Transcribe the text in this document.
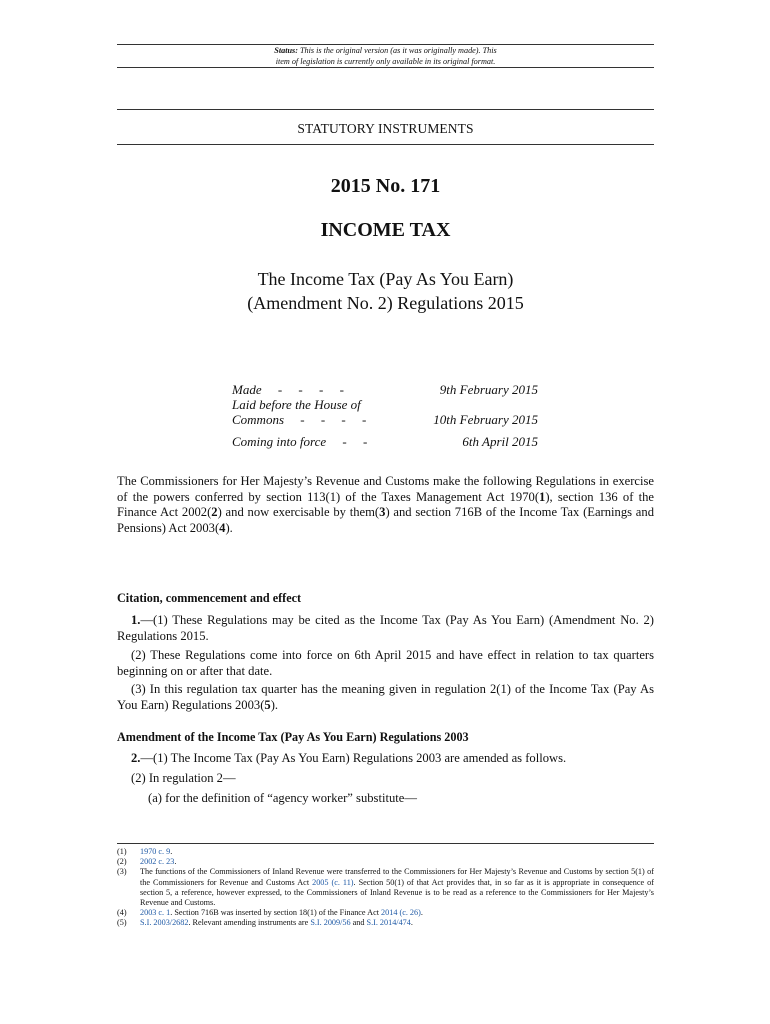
Status: This is the original version (as it was originally made). This
item of legislation is currently only available in its original format.
STATUTORY INSTRUMENTS
2015 No. 171
INCOME TAX
The Income Tax (Pay As You Earn)
(Amendment No. 2) Regulations 2015
Made     -     -     -     -	9th February 2015
Laid before the House of
Commons     -     -     -     -	10th February 2015
Coming into force     -     -	6th April 2015
The Commissioners for Her Majesty’s Revenue and Customs make the following Regulations in exercise of the powers conferred by section 113(1) of the Taxes Management Act 1970(1), section 136 of the Finance Act 2002(2) and now exercisable by them(3) and section 716B of the Income Tax (Earnings and Pensions) Act 2003(4).
Citation, commencement and effect
1.—(1) These Regulations may be cited as the Income Tax (Pay As You Earn) (Amendment No. 2) Regulations 2015.
(2) These Regulations come into force on 6th April 2015 and have effect in relation to tax quarters beginning on or after that date.
(3) In this regulation tax quarter has the meaning given in regulation 2(1) of the Income Tax (Pay As You Earn) Regulations 2003(5).
Amendment of the Income Tax (Pay As You Earn) Regulations 2003
2.—(1) The Income Tax (Pay As You Earn) Regulations 2003 are amended as follows.
(2) In regulation 2—
(a) for the definition of “agency worker” substitute—
(1) 1970 c. 9.
(2) 2002 c. 23.
(3) The functions of the Commissioners of Inland Revenue were transferred to the Commissioners for Her Majesty’s Revenue and Customs by section 5(1) of the Commissioners for Revenue and Customs Act 2005 (c. 11). Section 50(1) of that Act provides that, in so far as it is appropriate in consequence of section 5, a reference, however expressed, to the Commissioners of Inland Revenue is to be read as a reference to the Commissioners for Her Majesty’s Revenue and Customs.
(4) 2003 c. 1. Section 716B was inserted by section 18(1) of the Finance Act 2014 (c. 26).
(5) S.I. 2003/2682. Relevant amending instruments are S.I. 2009/56 and S.I. 2014/474.
